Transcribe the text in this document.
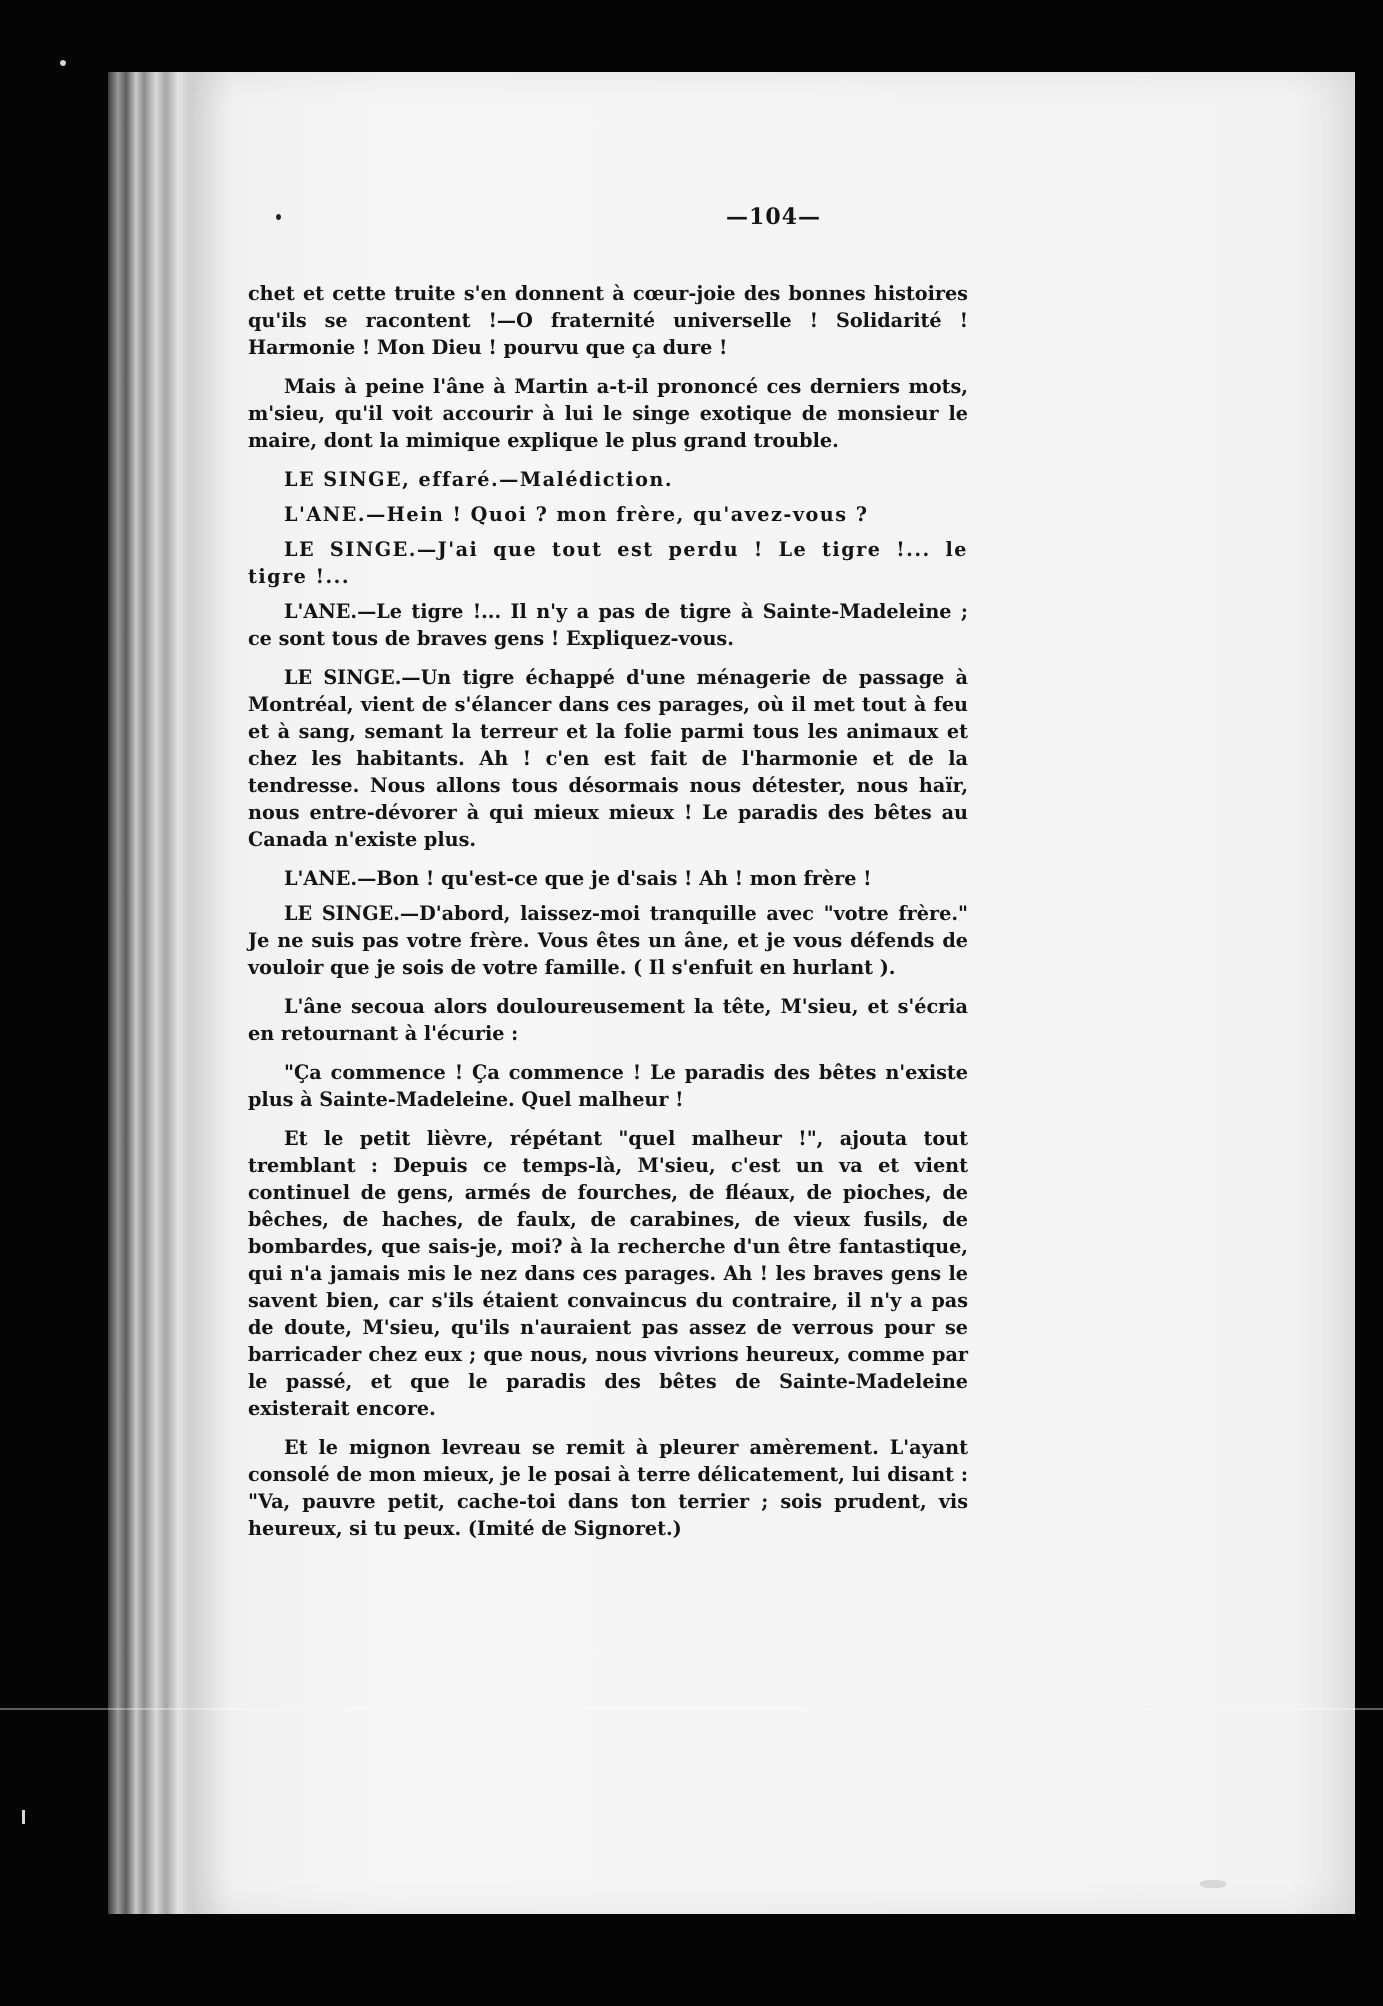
—104—

chet et cette truite s'en donnent à cœur-joie des bonnes histoires qu'ils se racontent !—O fraternité universelle ! Solidarité ! Harmonie ! Mon Dieu ! pourvu que ça dure !

Mais à peine l'âne à Martin a-t-il prononcé ces derniers mots, m'sieu, qu'il voit accourir à lui le singe exotique de monsieur le maire, dont la mimique explique le plus grand trouble.

LE SINGE, effaré.—Malédiction.

L'ANE.—Hein ! Quoi ? mon frère, qu'avez-vous ?

LE SINGE.—J'ai que tout est perdu ! Le tigre !... le tigre !...

L'ANE.—Le tigre !... Il n'y a pas de tigre à Sainte-Madeleine ; ce sont tous de braves gens ! Expliquez-vous.

LE SINGE.—Un tigre échappé d'une ménagerie de passage à Montréal, vient de s'élancer dans ces parages, où il met tout à feu et à sang, semant la terreur et la folie parmi tous les animaux et chez les habitants. Ah ! c'en est fait de l'harmonie et de la tendresse. Nous allons tous désormais nous détester, nous haïr, nous entre-dévorer à qui mieux mieux ! Le paradis des bêtes au Canada n'existe plus.

L'ANE.—Bon ! qu'est-ce que je d'sais ! Ah ! mon frère !

LE SINGE.—D'abord, laissez-moi tranquille avec "votre frère." Je ne suis pas votre frère. Vous êtes un âne, et je vous défends de vouloir que je sois de votre famille. ( Il s'enfuit en hurlant ).

L'âne secoua alors douloureusement la tête, M'sieu, et s'écria en retournant à l'écurie :

"Ça commence ! Ça commence ! Le paradis des bêtes n'existe plus à Sainte-Madeleine. Quel malheur !

Et le petit lièvre, répétant "quel malheur !", ajouta tout tremblant : Depuis ce temps-là, M'sieu, c'est un va et vient continuel de gens, armés de fourches, de fléaux, de pioches, de bêches, de haches, de faulx, de carabines, de vieux fusils, de bombardes, que sais-je, moi? à la recherche d'un être fantastique, qui n'a jamais mis le nez dans ces parages. Ah ! les braves gens le savent bien, car s'ils étaient convaincus du contraire, il n'y a pas de doute, M'sieu, qu'ils n'auraient pas assez de verrous pour se barricader chez eux ; que nous, nous vivrions heureux, comme par le passé, et que le paradis des bêtes de Sainte-Madeleine existerait encore.

Et le mignon levreau se remit à pleurer amèrement. L'ayant consolé de mon mieux, je le posai à terre délicatement, lui disant : "Va, pauvre petit, cache-toi dans ton terrier ; sois prudent, vis heureux, si tu peux. (Imité de Signoret.)
